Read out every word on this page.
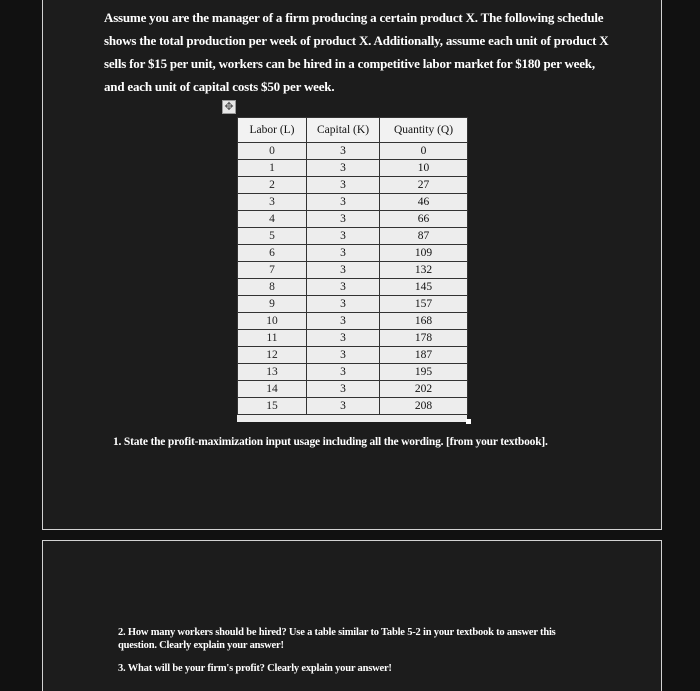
Assume you are the manager of a firm producing a certain product X. The following schedule shows the total production per week of product X. Additionally, assume each unit of product X sells for $15 per unit, workers can be hired in a competitive labor market for $180 per week, and each unit of capital costs $50 per week.
✥
Labor (L)	Capital (K)	Quantity (Q)
0	3	0
1	3	10
2	3	27
3	3	46
4	3	66
5	3	87
6	3	109
7	3	132
8	3	145
9	3	157
10	3	168
11	3	178
12	3	187
13	3	195
14	3	202
15	3	208
1. State the profit-maximization input usage including all the wording. [from your textbook].
2. How many workers should be hired? Use a table similar to Table 5-2 in your textbook to answer this question. Clearly explain your answer!
3. What will be your firm's profit? Clearly explain your answer!
